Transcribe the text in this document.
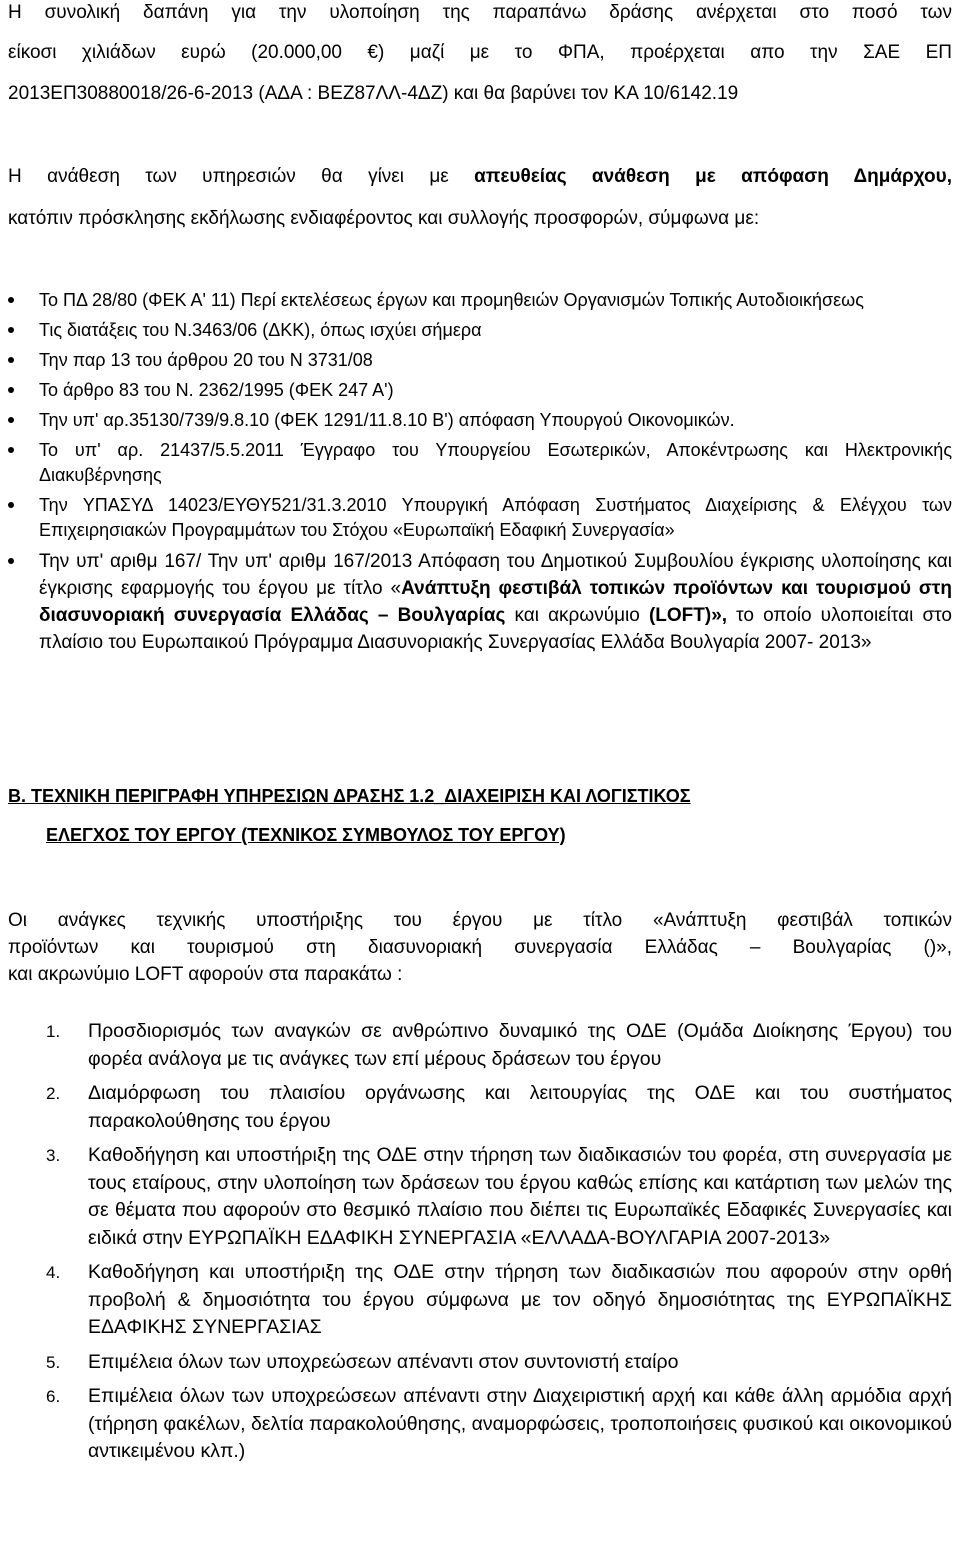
Η συνολική δαπάνη για την υλοποίηση της παραπάνω δράσης ανέρχεται στο ποσό των
είκοσι χιλιάδων ευρώ (20.000,00 €) μαζί με το ΦΠΑ, προέρχεται απο την ΣΑΕ ΕΠ
2013ΕΠ30880018/26-6-2013 (ΑΔΑ : ΒΕΖ87ΛΛ-4ΔΖ) και θα βαρύνει τον ΚΑ 10/6142.19
Η ανάθεση των υπηρεσιών θα γίνει με απευθείας ανάθεση με απόφαση Δημάρχου,
κατόπιν πρόσκλησης εκδήλωσης ενδιαφέροντος και συλλογής προσφορών, σύμφωνα με:
Το ΠΔ 28/80 (ΦΕΚ Α' 11) Περί εκτελέσεως έργων και προμηθειών Οργανισμών Τοπικής Αυτοδιοικήσεως
Τις διατάξεις του Ν.3463/06 (ΔΚΚ), όπως ισχύει σήμερα
Την παρ 13 του άρθρου 20 του Ν 3731/08
Το άρθρο 83 του Ν. 2362/1995 (ΦΕΚ 247 Α')
Την υπ' αρ.35130/739/9.8.10 (ΦΕΚ 1291/11.8.10 Β') απόφαση Υπουργού Οικονομικών.
Το υπ' αρ. 21437/5.5.2011 Έγγραφο του Υπουργείου Εσωτερικών, Αποκέντρωσης και Ηλεκτρονικής Διακυβέρνησης
Την ΥΠΑΣΥΔ 14023/ΕΥΘΥ521/31.3.2010 Υπουργική Απόφαση Συστήματος Διαχείρισης & Ελέγχου των Επιχειρησιακών Προγραμμάτων του Στόχου «Ευρωπαϊκή Εδαφική Συνεργασία»
Την υπ' αριθμ 167/ Την υπ' αριθμ 167/2013 Απόφαση του Δημοτικού Συμβουλίου έγκρισης υλοποίησης και έγκρισης εφαρμογής του έργου με τίτλο «Ανάπτυξη φεστιβάλ τοπικών προϊόντων και τουρισμού στη διασυνοριακή συνεργασία Ελλάδας – Βουλγαρίας και ακρωνύμιο (LOFT)», το οποίο υλοποιείται στο πλαίσιο του Ευρωπαικού Πρόγραμμα Διασυνοριακής Συνεργασίας Ελλάδα Βουλγαρία 2007- 2013»
Β. ΤΕΧΝΙΚΗ ΠΕΡΙΓΡΑΦΗ ΥΠΗΡΕΣΙΩΝ ΔΡΑΣΗΣ 1.2_ΔΙΑΧΕΙΡΙΣΗ ΚΑΙ ΛΟΓΙΣΤΙΚΟΣ
ΕΛΕΓΧΟΣ ΤΟΥ ΕΡΓΟΥ (ΤΕΧΝΙΚΟΣ ΣΥΜΒΟΥΛΟΣ ΤΟΥ ΕΡΓΟΥ)
Οι ανάγκες τεχνικής υποστήριξης του έργου με τίτλο «Ανάπτυξη φεστιβάλ τοπικών
προϊόντων και τουρισμού στη διασυνοριακή συνεργασία Ελλάδας – Βουλγαρίας ()»,
και ακρωνύμιο LOFT αφορούν στα παρακάτω :
1. Προσδιορισμός των αναγκών σε ανθρώπινο δυναμικό της ΟΔΕ (Ομάδα Διοίκησης Έργου) του φορέα ανάλογα με τις ανάγκες των επί μέρους δράσεων του έργου
2. Διαμόρφωση του πλαισίου οργάνωσης και λειτουργίας της ΟΔΕ και του συστήματος παρακολούθησης του έργου
3. Καθοδήγηση και υποστήριξη της ΟΔΕ στην τήρηση των διαδικασιών του φορέα, στη συνεργασία με τους εταίρους, στην υλοποίηση των δράσεων του έργου καθώς επίσης και κατάρτιση των μελών της σε θέματα που αφορούν στο θεσμικό πλαίσιο που διέπει τις Ευρωπαϊκές Εδαφικές Συνεργασίες και ειδικά στην ΕΥΡΩΠΑΪΚΗ ΕΔΑΦΙΚΗ ΣΥΝΕΡΓΑΣΙΑ «ΕΛΛΑΔΑ-ΒΟΥΛΓΑΡΙΑ 2007-2013»
4. Καθοδήγηση και υποστήριξη της ΟΔΕ στην τήρηση των διαδικασιών που αφορούν στην ορθή προβολή & δημοσιότητα του έργου σύμφωνα με τον οδηγό δημοσιότητας της ΕΥΡΩΠΑΪΚΗΣ ΕΔΑΦΙΚΗΣ ΣΥΝΕΡΓΑΣΙΑΣ
5. Επιμέλεια όλων των υποχρεώσεων απέναντι στον συντονιστή εταίρο
6. Επιμέλεια όλων των υποχρεώσεων απέναντι στην Διαχειριστική αρχή και κάθε άλλη αρμόδια αρχή (τήρηση φακέλων, δελτία παρακολούθησης, αναμορφώσεις, τροποποιήσεις φυσικού και οικονομικού αντικειμένου κλπ.)
